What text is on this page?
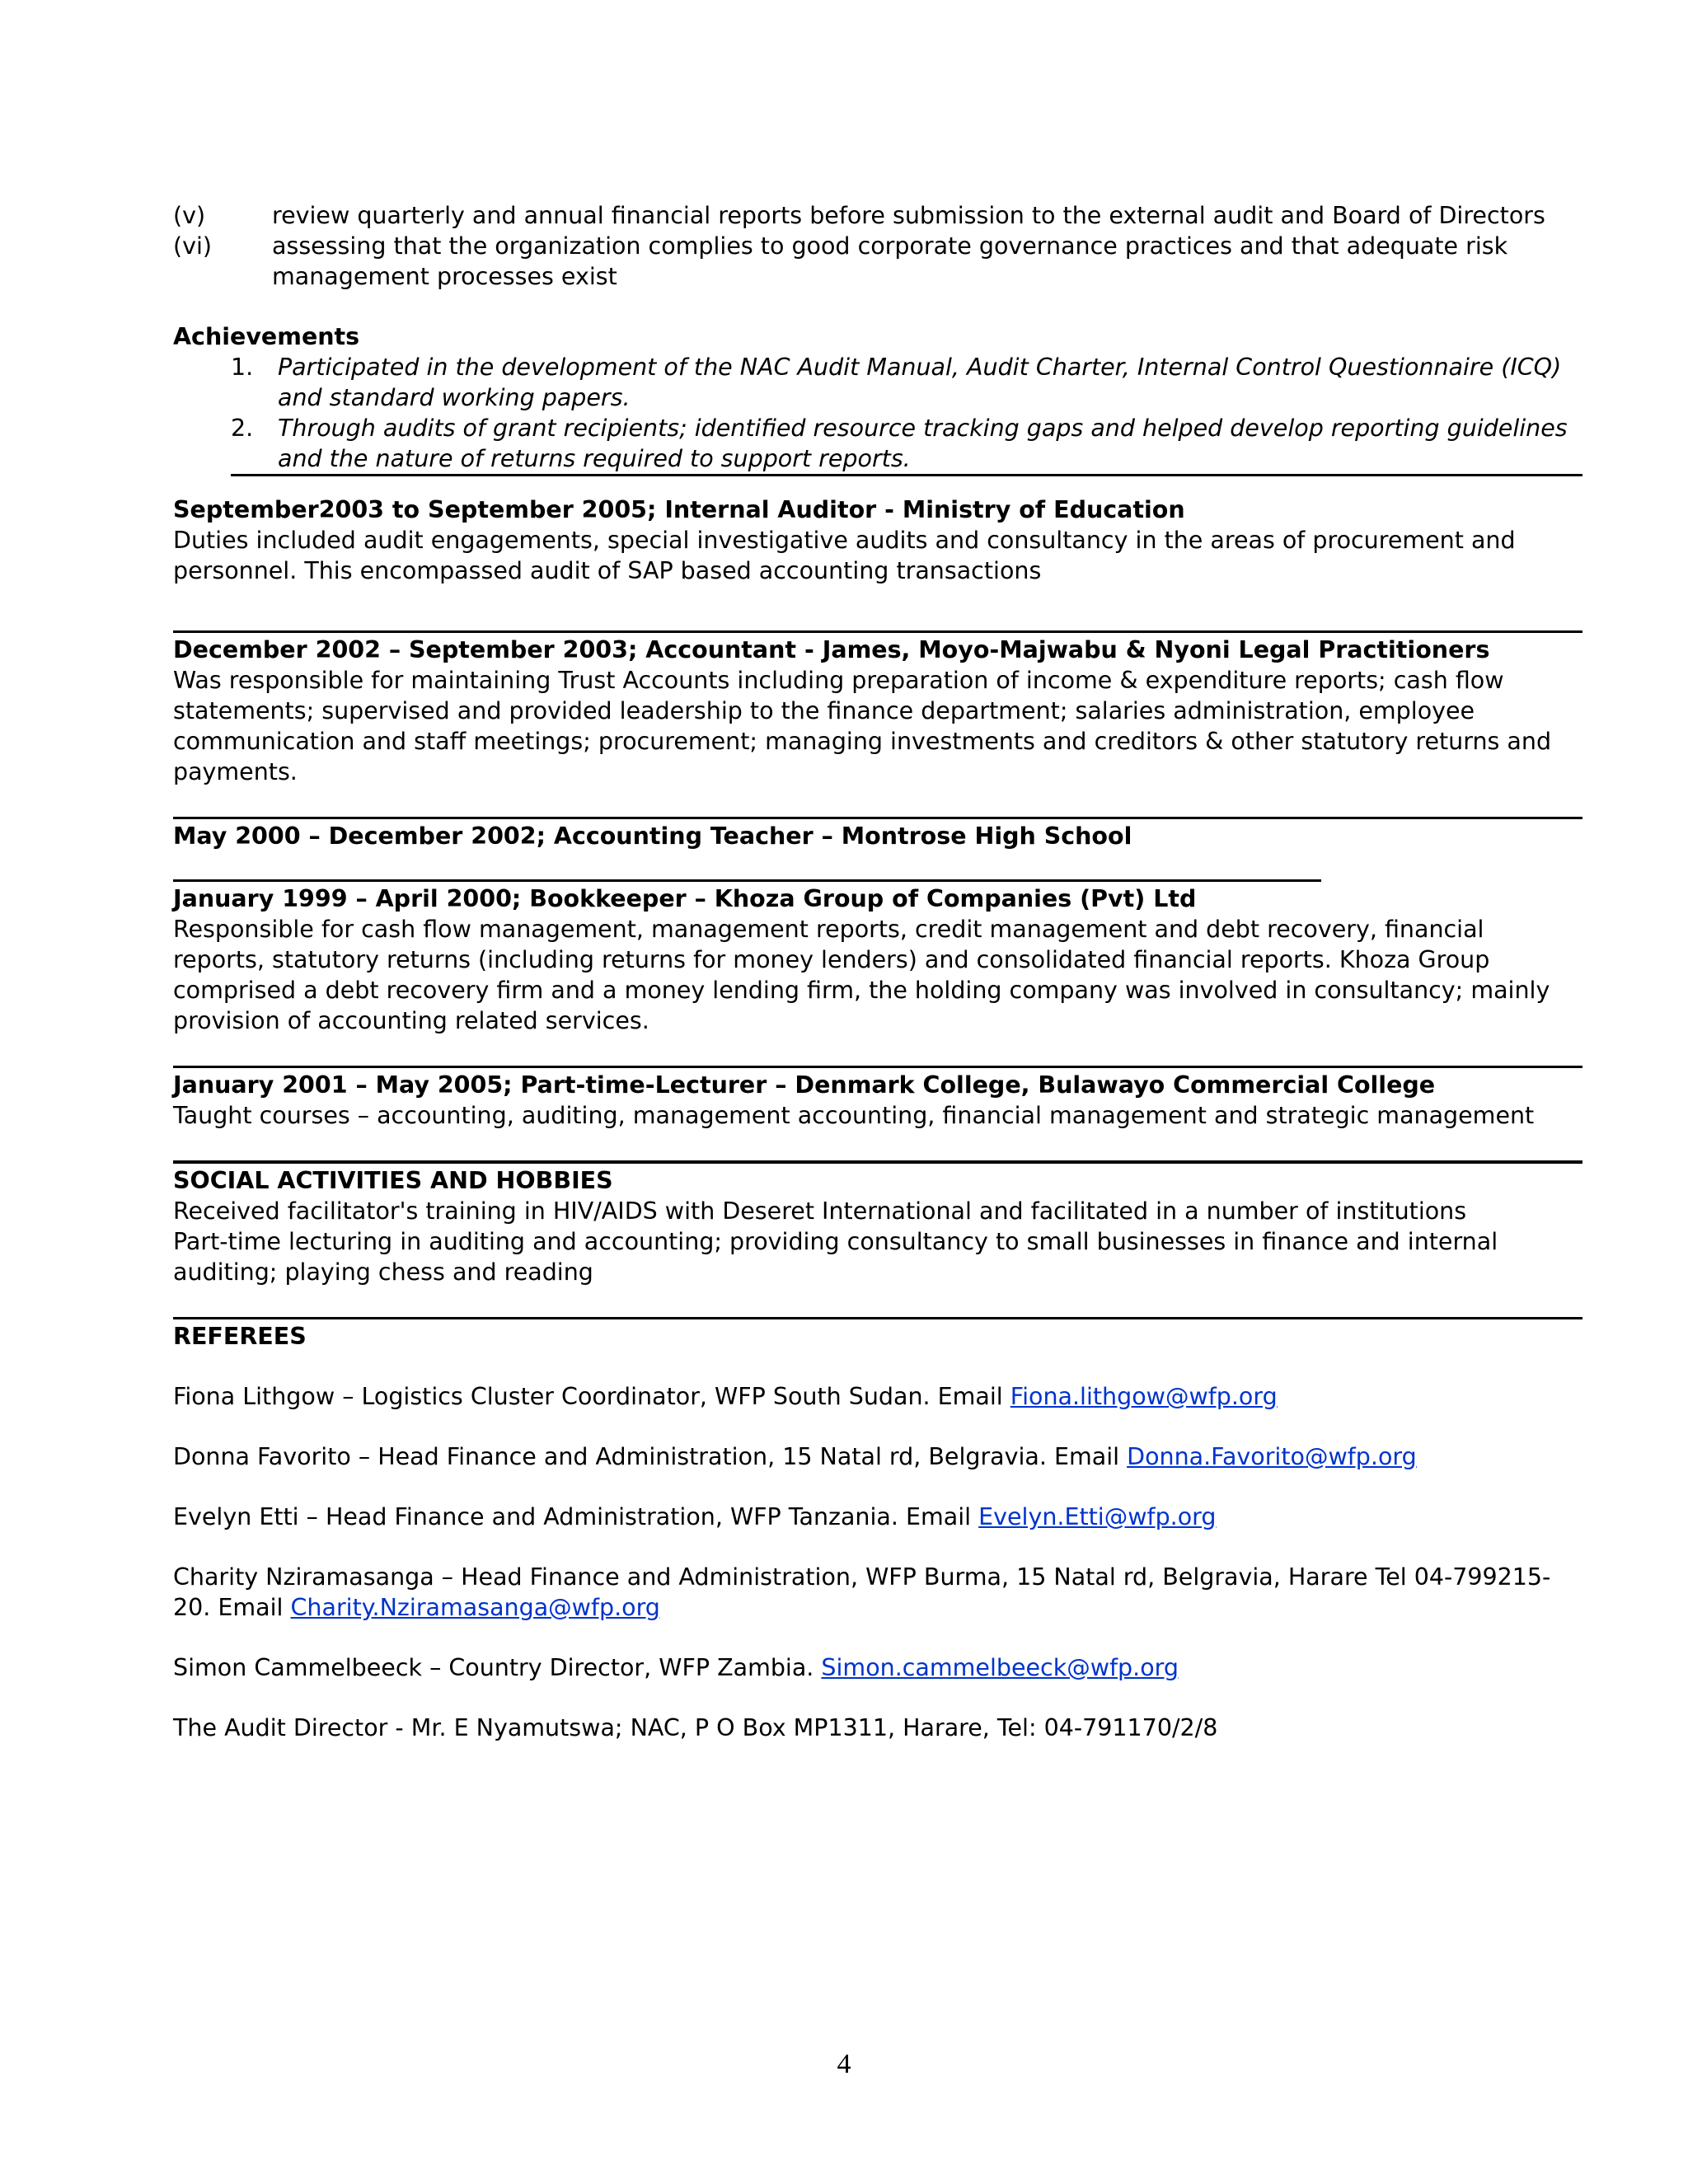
(v)	review quarterly and annual financial reports before submission to the external audit and Board of Directors
(vi)	assessing that the organization complies to good corporate governance practices and that adequate risk management processes exist
Achievements
1.	Participated in the development of the NAC Audit Manual, Audit Charter, Internal Control Questionnaire (ICQ) and standard working papers.
2.	Through audits of grant recipients; identified resource tracking gaps and helped develop reporting guidelines and the nature of returns required to support reports.
September2003 to September 2005; Internal Auditor - Ministry of Education
Duties included audit engagements, special investigative audits and consultancy in the areas of procurement and personnel. This encompassed audit of SAP based accounting transactions
December 2002 – September 2003; Accountant - James, Moyo-Majwabu & Nyoni Legal Practitioners
Was responsible for maintaining Trust Accounts including preparation of income & expenditure reports; cash flow statements; supervised and provided leadership to the finance department; salaries administration, employee communication and staff meetings; procurement; managing investments and creditors & other statutory returns and payments.
May 2000 – December 2002; Accounting Teacher – Montrose High School
January 1999 – April 2000; Bookkeeper – Khoza Group of Companies (Pvt) Ltd
Responsible for cash flow management, management reports, credit management and debt recovery, financial reports, statutory returns (including returns for money lenders) and consolidated financial reports. Khoza Group comprised a debt recovery firm and a money lending firm, the holding company was involved in consultancy; mainly provision of accounting related services.
January 2001 – May 2005; Part-time-Lecturer – Denmark College, Bulawayo Commercial College
Taught courses – accounting, auditing, management accounting, financial management and strategic management
SOCIAL ACTIVITIES AND HOBBIES
Received facilitator's training in HIV/AIDS with Deseret International and facilitated in a number of institutions
Part-time lecturing in auditing and accounting; providing consultancy to small businesses in finance and internal auditing; playing chess and reading
REFEREES
Fiona Lithgow – Logistics Cluster Coordinator, WFP South Sudan. Email Fiona.lithgow@wfp.org
Donna Favorito – Head Finance and Administration, 15 Natal rd, Belgravia. Email Donna.Favorito@wfp.org
Evelyn Etti – Head Finance and Administration, WFP Tanzania. Email Evelyn.Etti@wfp.org
Charity Nziramasanga – Head Finance and Administration, WFP Burma, 15 Natal rd, Belgravia, Harare Tel 04-799215-20. Email Charity.Nziramasanga@wfp.org
Simon Cammelbeeck – Country Director, WFP Zambia. Simon.cammelbeeck@wfp.org
The Audit Director - Mr. E Nyamutswa; NAC, P O Box MP1311, Harare, Tel: 04-791170/2/8
4
